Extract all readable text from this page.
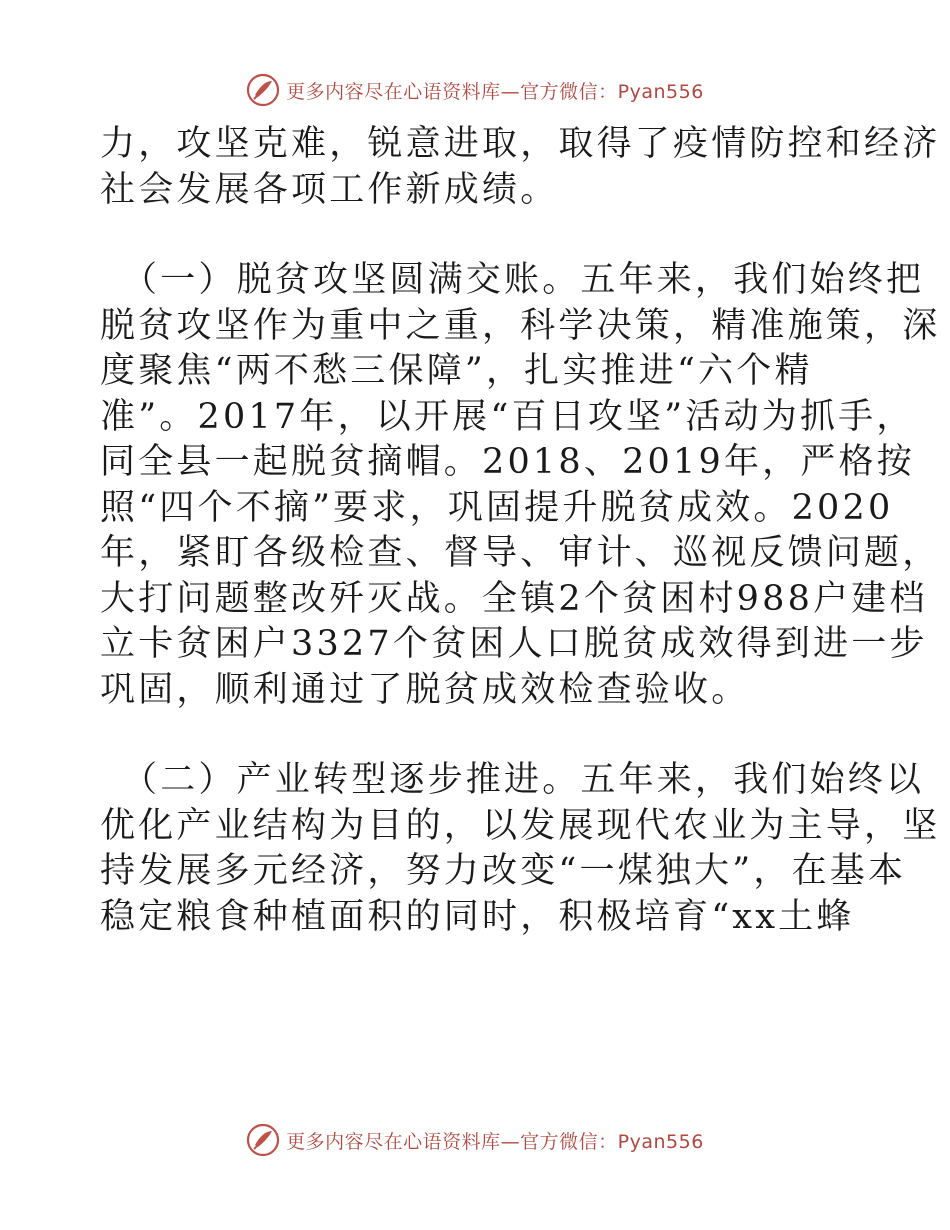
更多内容尽在心语资料库—官方微信：Pyan556
力，攻坚克难，锐意进取，取得了疫情防控和经济
社会发展各项工作新成绩。
（一）脱贫攻坚圆满交账。五年来，我们始终把
脱贫攻坚作为重中之重，科学决策，精准施策，深
度聚焦“两不愁三保障”，扎实推进“六个精
准”。2017年，以开展“百日攻坚”活动为抓手，
同全县一起脱贫摘帽。2018、2019年，严格按
照“四个不摘”要求，巩固提升脱贫成效。2020
年，紧盯各级检查、督导、审计、巡视反馈问题，
大打问题整改歼灭战。全镇2个贫困村988户建档
立卡贫困户3327个贫困人口脱贫成效得到进一步
巩固，顺利通过了脱贫成效检查验收。
（二）产业转型逐步推进。五年来，我们始终以
优化产业结构为目的，以发展现代农业为主导，坚
持发展多元经济，努力改变“一煤独大”，在基本
稳定粮食种植面积的同时，积极培育“xx土蜂
更多内容尽在心语资料库—官方微信：Pyan556
